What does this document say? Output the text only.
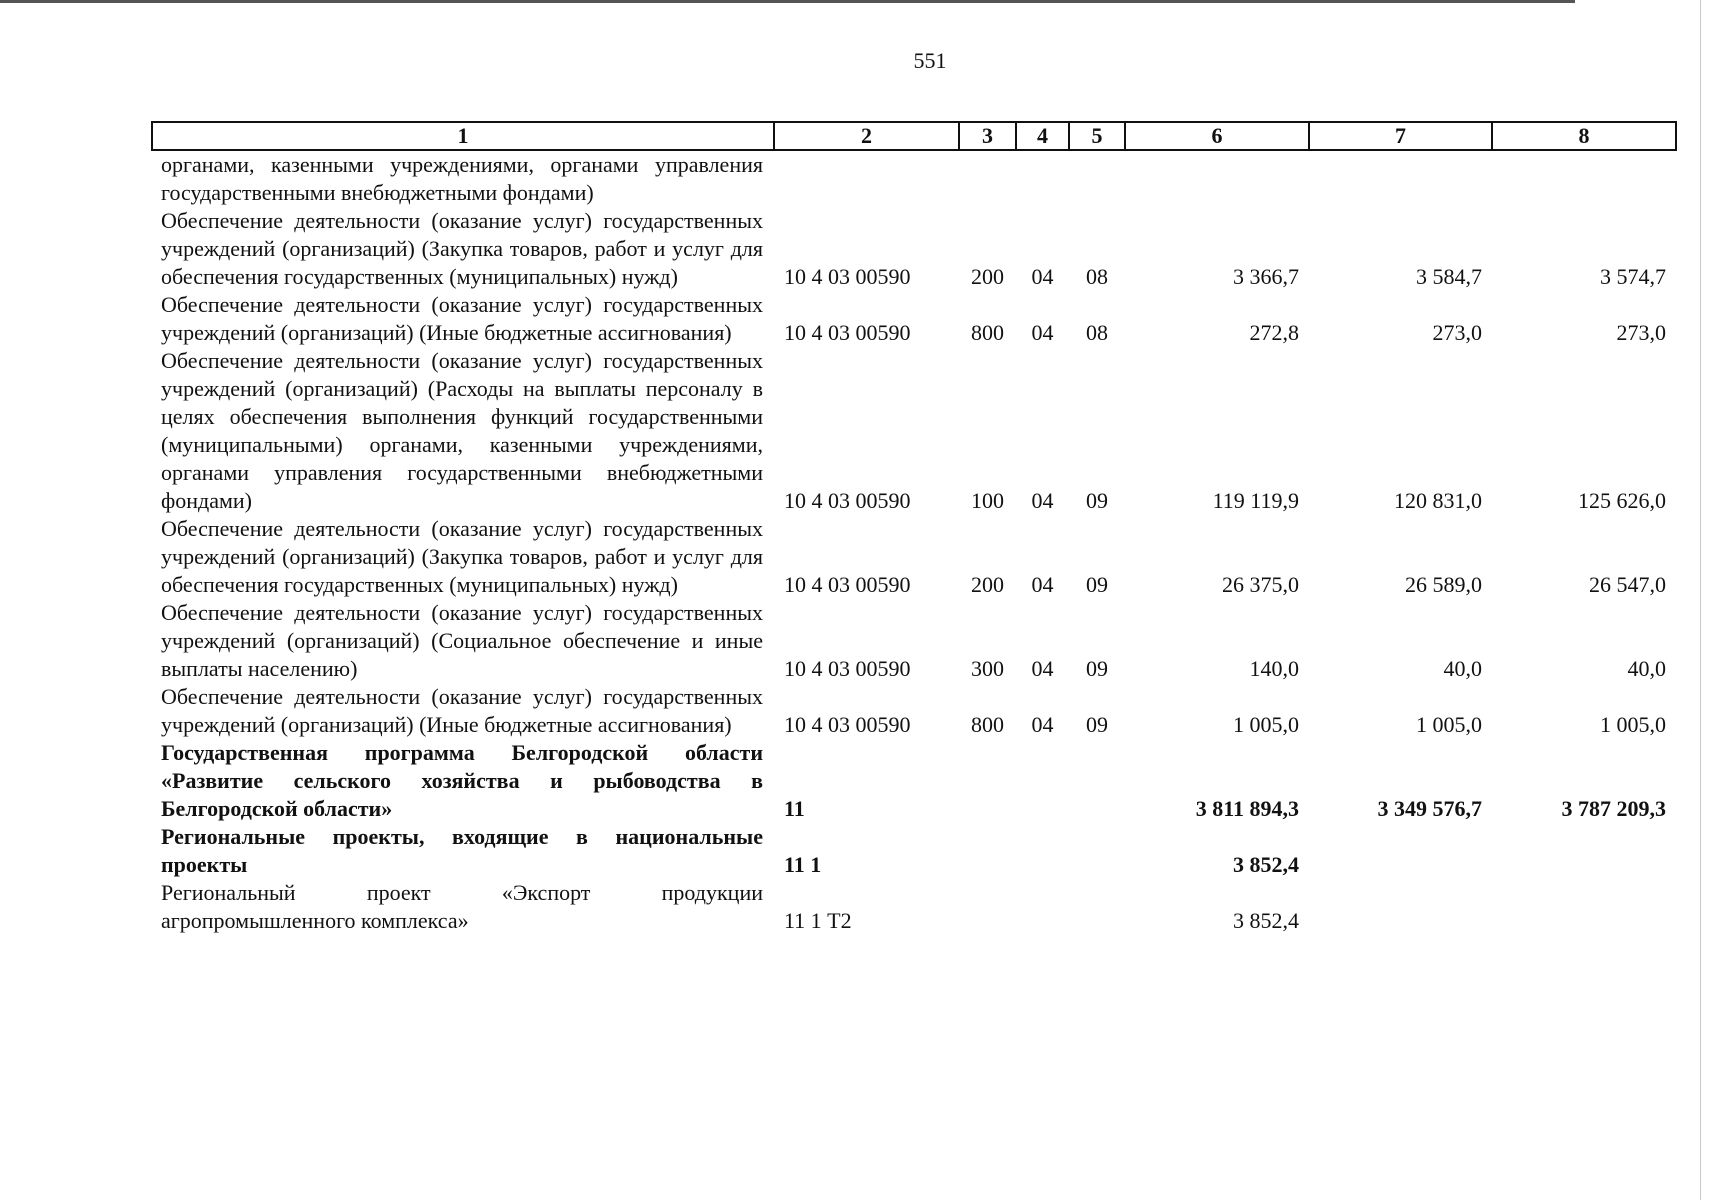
551
1	2	3	4	5	6	7	8
органами, казенными учреждениями, органами управления государственными внебюджетными фондами)							
Обеспечение деятельности (оказание услуг) государственных учреждений (организаций) (Закупка товаров, работ и услуг для обеспечения государственных (муниципальных) нужд)	10 4 03 00590	200	04	08	3 366,7	3 584,7	3 574,7
Обеспечение деятельности (оказание услуг) государственных учреждений (организаций) (Иные бюджетные ассигнования)	10 4 03 00590	800	04	08	272,8	273,0	273,0
Обеспечение деятельности (оказание услуг) государственных учреждений (организаций) (Расходы на выплаты персоналу в целях обеспечения выполнения функций государственными (муниципальными) органами, казенными учреждениями, органами управления государственными внебюджетными фондами)	10 4 03 00590	100	04	09	119 119,9	120 831,0	125 626,0
Обеспечение деятельности (оказание услуг) государственных учреждений (организаций) (Закупка товаров, работ и услуг для обеспечения государственных (муниципальных) нужд)	10 4 03 00590	200	04	09	26 375,0	26 589,0	26 547,0
Обеспечение деятельности (оказание услуг) государственных учреждений (организаций) (Социальное обеспечение и иные выплаты населению)	10 4 03 00590	300	04	09	140,0	40,0	40,0
Обеспечение деятельности (оказание услуг) государственных учреждений (организаций) (Иные бюджетные ассигнования)	10 4 03 00590	800	04	09	1 005,0	1 005,0	1 005,0
Государственная программа Белгородской области «Развитие сельского хозяйства и рыбоводства в Белгородской области»	11				3 811 894,3	3 349 576,7	3 787 209,3
Региональные проекты, входящие в национальные проекты	11 1				3 852,4		
Региональный проект «Экспорт продукции агропромышленного комплекса»	11 1 Т2				3 852,4		
